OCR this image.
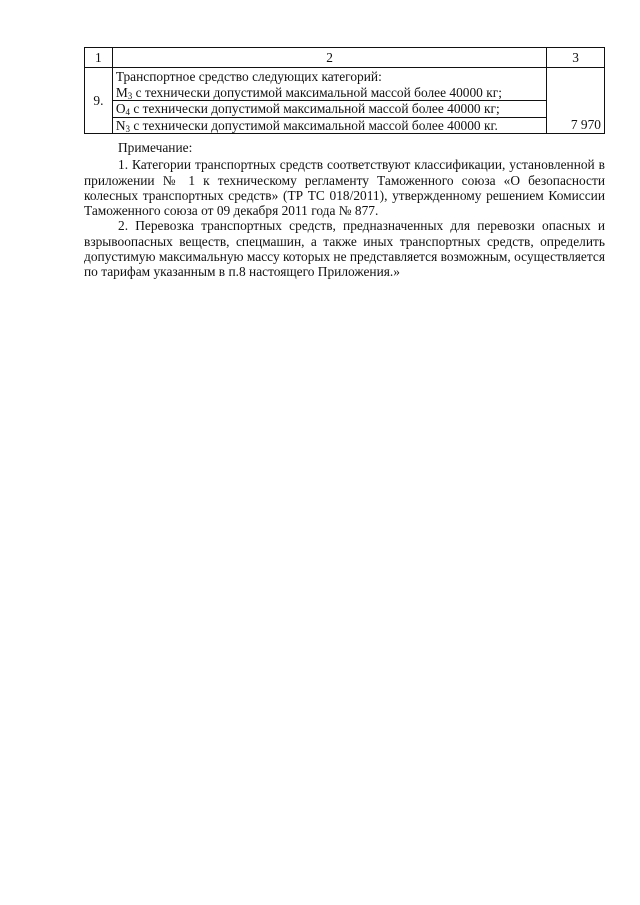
1	2	3
9.	Транспортное средство следующих категорий:
$M_3$ с технически допустимой максимальной массой более 40000 кг;
$O_4$ с технически допустимой максимальной массой более 40000 кг;
$N_3$ с технически допустимой максимальной массой более 40000 кг.	7 970

Примечание:

1. Категории транспортных средств соответствуют классификации, установленной в приложении № 1 к техническому регламенту Таможенного союза «О безопасности колесных транспортных средств» (ТР ТС 018/2011), утвержденному решением Комиссии Таможенного союза от 09 декабря 2011 года № 877.

2. Перевозка транспортных средств, предназначенных для перевозки опасных и взрывоопасных веществ, спецмашин, а также иных транспортных средств, определить допустимую максимальную массу которых не представляется возможным, осуществляется по тарифам указанным в п.8 настоящего Приложения.»
